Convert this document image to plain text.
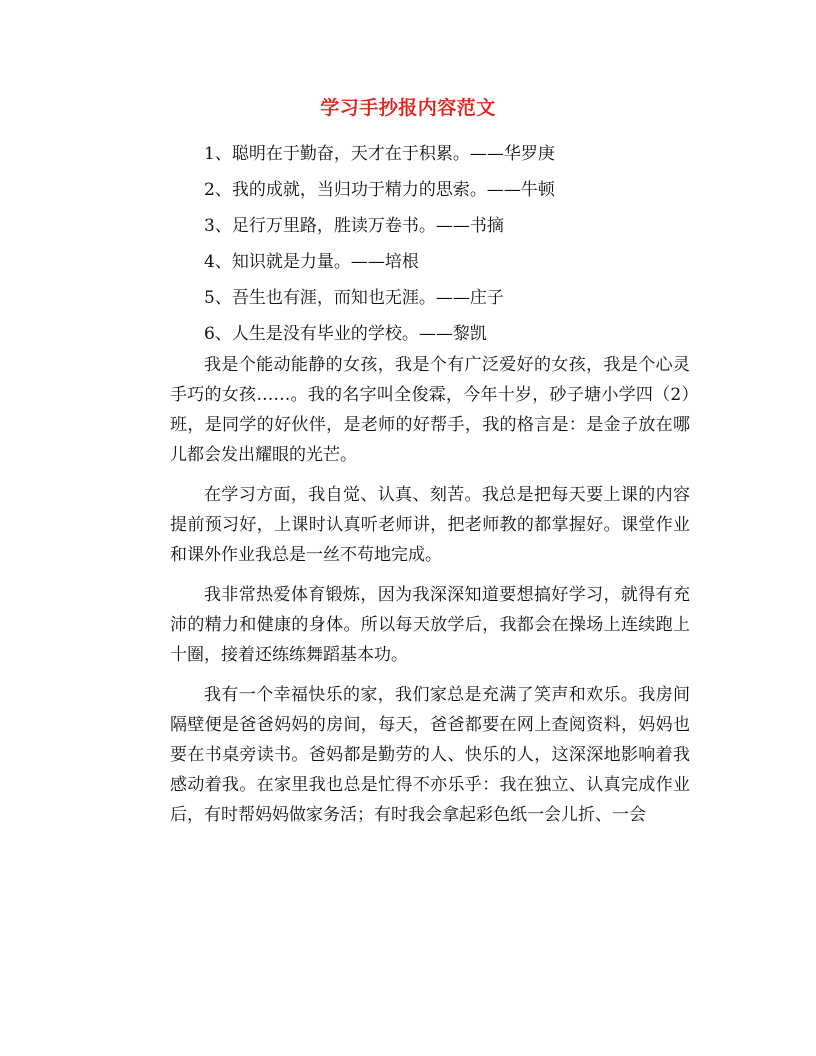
学习手抄报内容范文
1、聪明在于勤奋，天才在于积累。——华罗庚
2、我的成就，当归功于精力的思索。——牛顿
3、足行万里路，胜读万卷书。——书摘
4、知识就是力量。——培根
5、吾生也有涯，而知也无涯。——庄子
6、人生是没有毕业的学校。——黎凯

我是个能动能静的女孩，我是个有广泛爱好的女孩，我是个心灵手巧的女孩……。我的名字叫全俊霖，今年十岁，砂子塘小学四（2）班，是同学的好伙伴，是老师的好帮手，我的格言是：是金子放在哪儿都会发出耀眼的光芒。

在学习方面，我自觉、认真、刻苦。我总是把每天要上课的内容提前预习好，上课时认真听老师讲，把老师教的都掌握好。课堂作业和课外作业我总是一丝不苟地完成。

我非常热爱体育锻炼，因为我深深知道要想搞好学习，就得有充沛的精力和健康的身体。所以每天放学后，我都会在操场上连续跑上十圈，接着还练练舞蹈基本功。

我有一个幸福快乐的家，我们家总是充满了笑声和欢乐。我房间隔壁便是爸爸妈妈的房间，每天，爸爸都要在网上查阅资料，妈妈也要在书桌旁读书。爸妈都是勤劳的人、快乐的人，这深深地影响着我感动着我。在家里我也总是忙得不亦乐乎：我在独立、认真完成作业后，有时帮妈妈做家务活；有时我会拿起彩色纸一会儿折、一会
